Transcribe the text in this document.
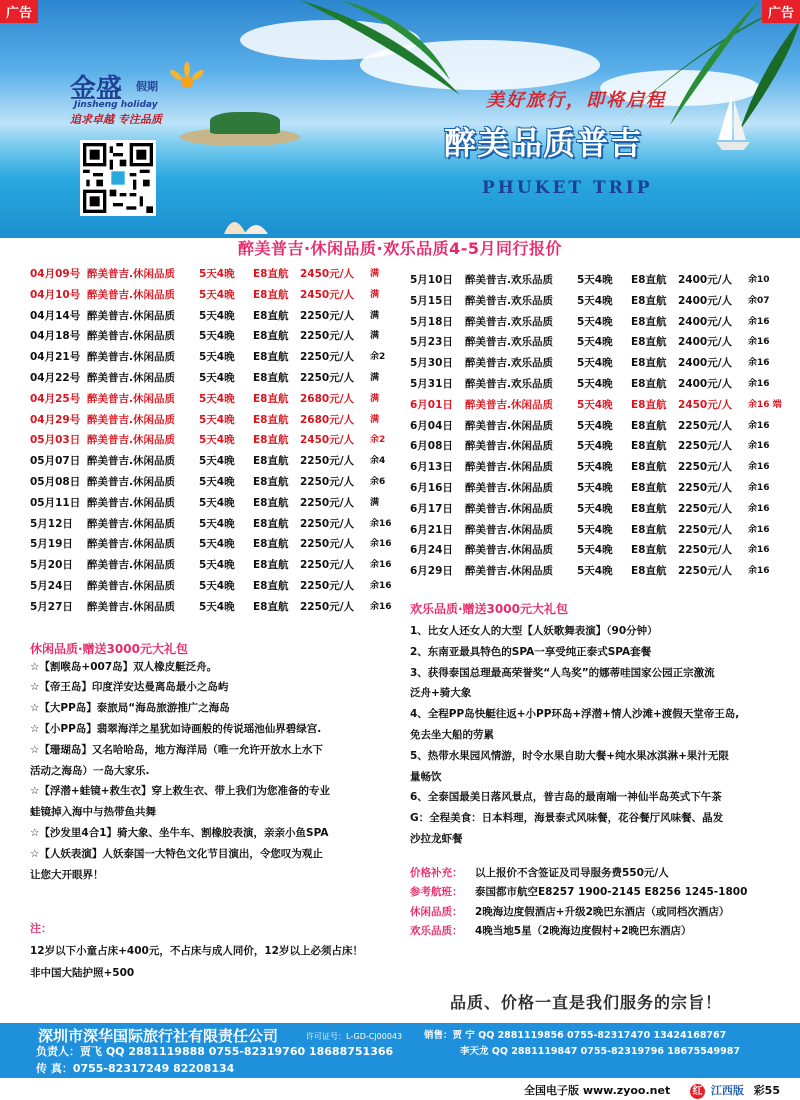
广告	广告
金盛 假期
Jinsheng holiday
追求卓越 专注品质
美好旅行，即将启程
醉美品质普吉
PHUKET TRIP
醉美普吉·休闲品质·欢乐品质4-5月同行报价
04月09号 醉美普吉.休闲品质	5天4晚	E8直航	2450元/人	满
04月10号 醉美普吉.休闲品质	5天4晚	E8直航	2450元/人	满
04月14号 醉美普吉.休闲品质	5天4晚	E8直航	2250元/人	满
04月18号 醉美普吉.休闲品质	5天4晚	E8直航	2250元/人	满
04月21号 醉美普吉.休闲品质	5天4晚	E8直航	2250元/人	余2
04月22号 醉美普吉.休闲品质	5天4晚	E8直航	2250元/人	满
04月25号 醉美普吉.休闲品质	5天4晚	E8直航	2680元/人	满
04月29号 醉美普吉.休闲品质	5天4晚	E8直航	2680元/人	满
05月03日 醉美普吉.休闲品质	5天4晚	E8直航	2450元/人	余2
05月07日 醉美普吉.休闲品质	5天4晚	E8直航	2250元/人	余4
05月08日 醉美普吉.休闲品质	5天4晚	E8直航	2250元/人	余6
05月11日 醉美普吉.休闲品质	5天4晚	E8直航	2250元/人	满
5月12日	醉美普吉.休闲品质	5天4晚	E8直航	2250元/人	余16
5月19日	醉美普吉.休闲品质	5天4晚	E8直航	2250元/人	余16
5月20日	醉美普吉.休闲品质	5天4晚	E8直航	2250元/人	余16
5月24日	醉美普吉.休闲品质	5天4晚	E8直航	2250元/人	余16
5月27日	醉美普吉.休闲品质	5天4晚	E8直航	2250元/人	余16
休闲品质·赠送3000元大礼包
☆【割喉岛+007岛】双人橡皮艇泛舟。
☆【帝王岛】印度洋安达曼离岛最小之岛屿
☆【大PP岛】泰旅局“海岛旅游推广之海岛
☆【小PP岛】翡翠海洋之星犹如诗画般的传说瑶池仙界碧绿宫.
☆【珊瑚岛】又名哈哈岛，地方海洋局（唯一允许开放水上水下
活动之海岛）一岛大家乐.
☆【浮潜+蛙镜+救生衣】穿上救生衣、带上我们为您准备的专业
蛙镜掉入海中与热带鱼共舞
☆【沙发里4合1】骑大象、坐牛车、割橡胶表演，亲亲小鱼SPA
☆【人妖表演】人妖泰国一大特色文化节目演出，令您叹为观止
让您大开眼界！
5月10日	醉美普吉.欢乐品质	5天4晚	E8直航	2400元/人	余10
5月15日	醉美普吉.欢乐品质	5天4晚	E8直航	2400元/人	余07
5月18日	醉美普吉.欢乐品质	5天4晚	E8直航	2400元/人	余16
5月23日	醉美普吉.欢乐品质	5天4晚	E8直航	2400元/人	余16
5月30日	醉美普吉.欢乐品质	5天4晚	E8直航	2400元/人	余16
5月31日	醉美普吉.欢乐品质	5天4晚	E8直航	2400元/人	余16
6月01日	醉美普吉.休闲品质	5天4晚	E8直航	2450元/人	余16 端
6月04日	醉美普吉.休闲品质	5天4晚	E8直航	2250元/人	余16
6月08日	醉美普吉.休闲品质	5天4晚	E8直航	2250元/人	余16
6月13日	醉美普吉.休闲品质	5天4晚	E8直航	2250元/人	余16
6月16日	醉美普吉.休闲品质	5天4晚	E8直航	2250元/人	余16
6月17日	醉美普吉.休闲品质	5天4晚	E8直航	2250元/人	余16
6月21日	醉美普吉.休闲品质	5天4晚	E8直航	2250元/人	余16
6月24日	醉美普吉.休闲品质	5天4晚	E8直航	2250元/人	余16
6月29日	醉美普吉.休闲品质	5天4晚	E8直航	2250元/人	余16
欢乐品质·赠送3000元大礼包
1、比女人还女人的大型【人妖歌舞表演】（90分钟）
2、东南亚最具特色的SPA一享受纯正泰式SPA套餐
3、获得泰国总理最高荣誉奖“人鸟奖”的娜蒂哇国家公园正宗激流
泛舟+骑大象
4、全程PP岛快艇往返+小PP环岛+浮潜+情人沙滩+渡假天堂帝王岛,
免去坐大船的劳累
5、热带水果园风情游，时令水果自助大餐+纯水果冰淇淋+果汁无限
量畅饮
6、全泰国最美日落风景点，普吉岛的最南端一神仙半岛英式下午茶
G：全程美食：日本料理，海景泰式风味餐，花谷餐厅风味餐、晶发
沙拉龙虾餐
价格补充： 以上报价不含签证及司导服务费550元/人
参考航班： 泰国都市航空E8257 1900-2145 E8256 1245-1800
休闲品质： 2晚海边度假酒店+升级2晚巴东酒店（或同档次酒店）
欢乐品质： 4晚当地5星（2晚海边度假村+2晚巴东酒店）
注：
12岁以下小童占床+400元，不占床与成人同价，12岁以上必须占床！
非中国大陆护照+500
品质、价格一直是我们服务的宗旨！
深圳市深华国际旅行社有限责任公司	许可证号：L-GD-CJ00043
负责人：贾飞 QQ 2881119888 0755-82319760 18688751366
传 真：0755-82317249 82208134
销售：贾 宁 QQ 2881119856 0755-82317470 13424168767
李天龙 QQ 2881119847 0755-82319796 18675549987
全国电子版 www.zyoo.net 红 江西版 彩55
